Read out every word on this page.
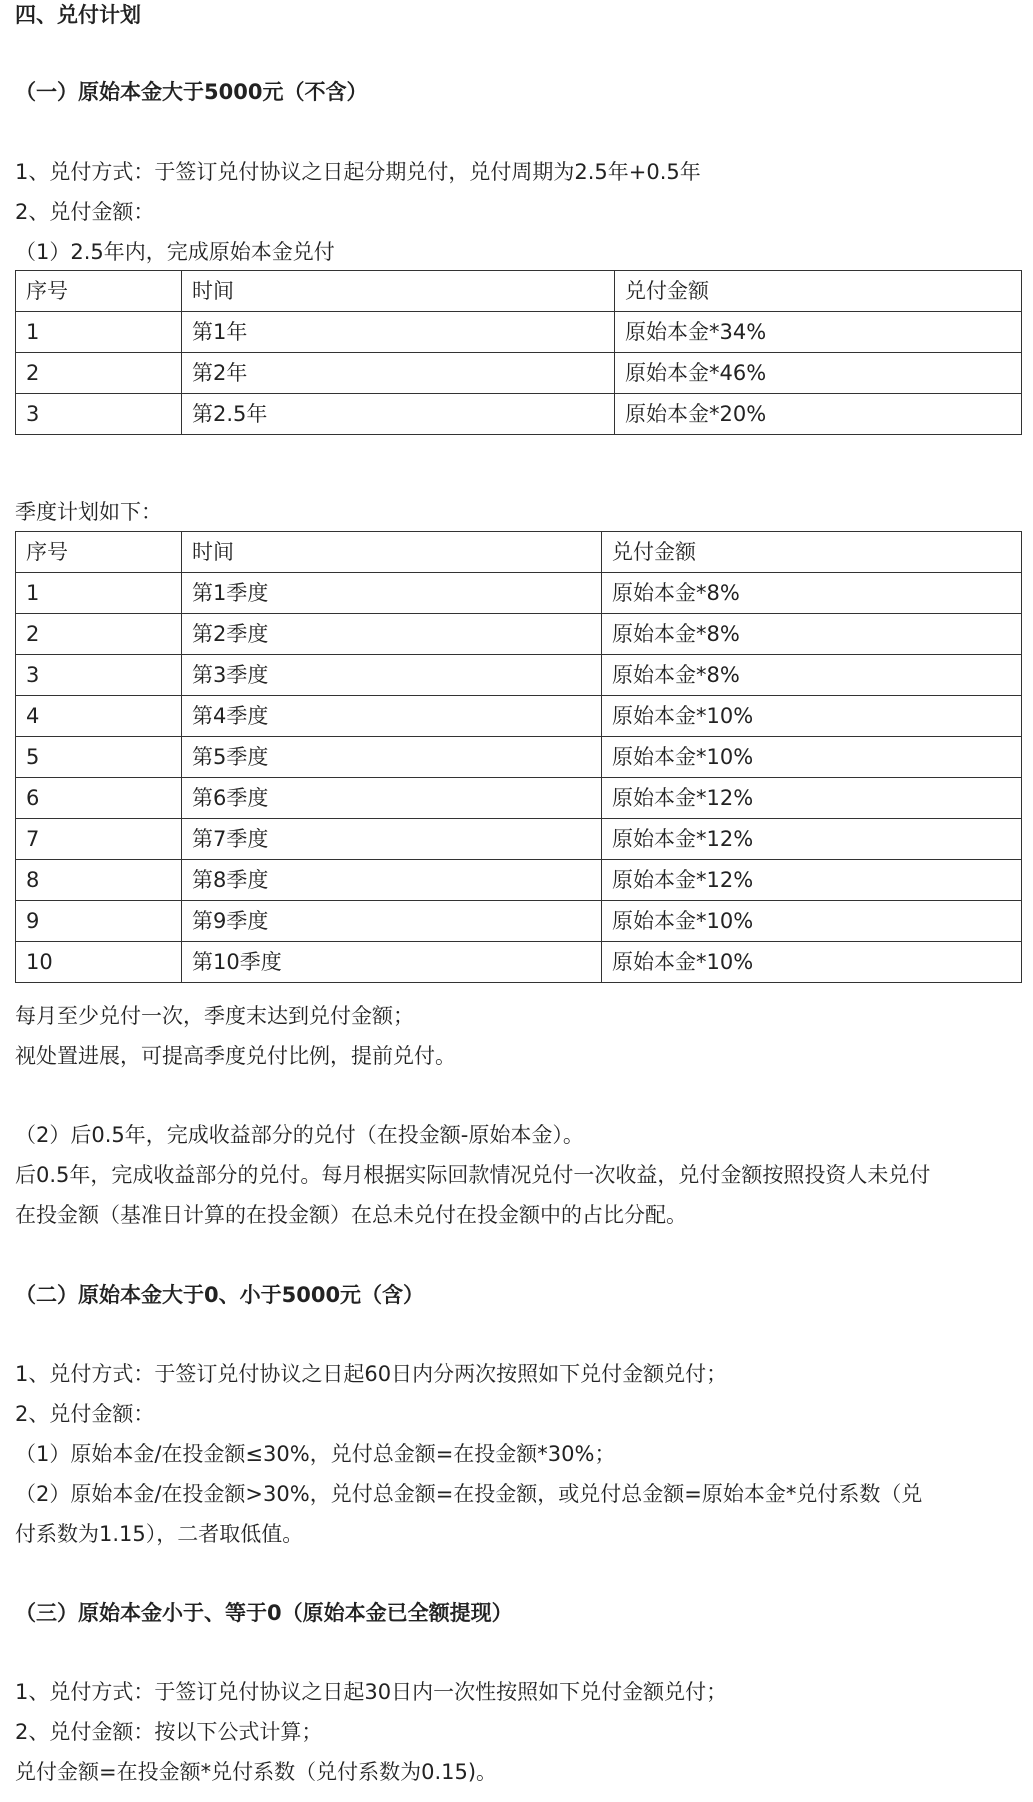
四、兑付计划
（一）原始本金大于5000元（不含）
1、兑付方式：于签订兑付协议之日起分期兑付，兑付周期为2.5年+0.5年
2、兑付金额：
（1）2.5年内，完成原始本金兑付
序号	时间	兑付金额
1	第1年	原始本金*34%
2	第2年	原始本金*46%
3	第2.5年	原始本金*20%
季度计划如下：
序号	时间	兑付金额
1	第1季度	原始本金*8%
2	第2季度	原始本金*8%
3	第3季度	原始本金*8%
4	第4季度	原始本金*10%
5	第5季度	原始本金*10%
6	第6季度	原始本金*12%
7	第7季度	原始本金*12%
8	第8季度	原始本金*12%
9	第9季度	原始本金*10%
10	第10季度	原始本金*10%
每月至少兑付一次，季度末达到兑付金额；
视处置进展，可提高季度兑付比例，提前兑付。
（2）后0.5年，完成收益部分的兑付（在投金额-原始本金）。
后0.5年，完成收益部分的兑付。每月根据实际回款情况兑付一次收益，兑付金额按照投资人未兑付
在投金额（基准日计算的在投金额）在总未兑付在投金额中的占比分配。
（二）原始本金大于0、小于5000元（含）
1、兑付方式：于签订兑付协议之日起60日内分两次按照如下兑付金额兑付；
2、兑付金额：
（1）原始本金/在投金额≤30%，兑付总金额=在投金额*30%；
（2）原始本金/在投金额>30%，兑付总金额=在投金额，或兑付总金额=原始本金*兑付系数（兑
付系数为1.15），二者取低值。
（三）原始本金小于、等于0（原始本金已全额提现）
1、兑付方式：于签订兑付协议之日起30日内一次性按照如下兑付金额兑付；
2、兑付金额：按以下公式计算；
兑付金额=在投金额*兑付系数（兑付系数为0.15)。
